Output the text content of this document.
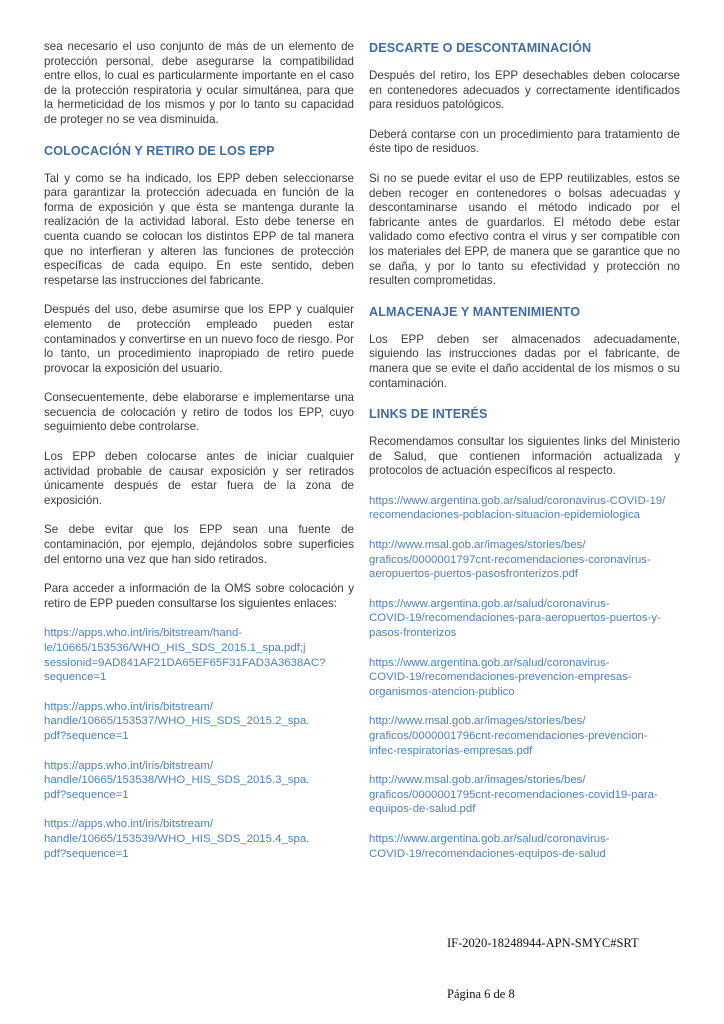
sea necesario el uso conjunto de más de un elemento de protección personal, debe asegurarse la compatibilidad entre ellos, lo cual es particularmente importante en el caso de la protección respiratoria y ocular simultánea, para que la hermeticidad de los mismos y por lo tanto su capacidad de proteger no se vea disminuida.

COLOCACIÓN Y RETIRO DE LOS EPP

Tal y como se ha indicado, los EPP deben seleccionarse para garantizar la protección adecuada en función de la forma de exposición y que ésta se mantenga durante la realización de la actividad laboral. Esto debe tenerse en cuenta cuando se colocan los distintos EPP de tal manera que no interfieran y alteren las funciones de protección específicas de cada equipo. En este sentido, deben respetarse las instrucciones del fabricante.

Después del uso, debe asumirse que los EPP y cualquier elemento de protección empleado pueden estar contaminados y convertirse en un nuevo foco de riesgo. Por lo tanto, un procedimiento inapropiado de retiro puede provocar la exposición del usuario.

Consecuentemente, debe elaborarse e implementarse una secuencia de colocación y retiro de todos los EPP, cuyo seguimiento debe controlarse.

Los EPP deben colocarse antes de iniciar cualquier actividad probable de causar exposición y ser retirados únicamente después de estar fuera de la zona de exposición.

Se debe evitar que los EPP sean una fuente de contaminación, por ejemplo, dejándolos sobre superficies del entorno una vez que han sido retirados.

Para acceder a información de la OMS sobre colocación y retiro de EPP pueden consultarse los siguientes enlaces:

https://apps.who.int/iris/bitstream/hand-
le/10665/153536/WHO_HIS_SDS_2015.1_spa.pdf;j
sessionid=9AD841AF21DA65EF65F31FAD3A3638AC?
sequence=1
https://apps.who.int/iris/bitstream/
handle/10665/153537/WHO_HIS_SDS_2015.2_spa.
pdf?sequence=1
https://apps.who.int/iris/bitstream/
handle/10665/153538/WHO_HIS_SDS_2015.3_spa.
pdf?sequence=1
https://apps.who.int/iris/bitstream/
handle/10665/153539/WHO_HIS_SDS_2015.4_spa.
pdf?sequence=1
DESCARTE O DESCONTAMINACIÓN

Después del retiro, los EPP desechables deben colocarse en contenedores adecuados y correctamente identificados para residuos patológicos.

Deberá contarse con un procedimiento para tratamiento de éste tipo de residuos.

Si no se puede evitar el uso de EPP reutilizables, estos se deben recoger en contenedores o bolsas adecuadas y descontaminarse usando el método indicado por el fabricante antes de guardarlos. El método debe estar validado como efectivo contra el virus y ser compatible con los materiales del EPP, de manera que se garantice que no se daña, y por lo tanto su efectividad y protección no resulten comprometidas.

ALMACENAJE Y MANTENIMIENTO

Los EPP deben ser almacenados adecuadamente, siguiendo las instrucciones dadas por el fabricante, de manera que se evite el daño accidental de los mismos o su contaminación.

LINKS DE INTERÉS

Recomendamos consultar los siguientes links del Ministerio de Salud, que contienen información actualizada y protocolos de actuación específicos al respecto.

https://www.argentina.gob.ar/salud/coronavirus-COVID-19/
recomendaciones-poblacion-situacion-epidemiologica
http://www.msal.gob.ar/images/stories/bes/
graficos/0000001797cnt-recomendaciones-coronavirus-
aeropuertos-puertos-pasosfronterizos.pdf
https://www.argentina.gob.ar/salud/coronavirus-
COVID-19/recomendaciones-para-aeropuertos-puertos-y-
pasos-fronterizos
https://www.argentina.gob.ar/salud/coronavirus-
COVID-19/recomendaciones-prevencion-empresas-
organismos-atencion-publico
http://www.msal.gob.ar/images/stories/bes/
graficos/0000001796cnt-recomendaciones-prevencion-
infec-respiratorias-empresas.pdf
http://www.msal.gob.ar/images/stories/bes/
graficos/0000001795cnt-recomendaciones-covid19-para-
equipos-de-salud.pdf
https://www.argentina.gob.ar/salud/coronavirus-
COVID-19/recomendaciones-equipos-de-salud
IF-2020-18248944-APN-SMYC#SRT
Página 6 de 8
